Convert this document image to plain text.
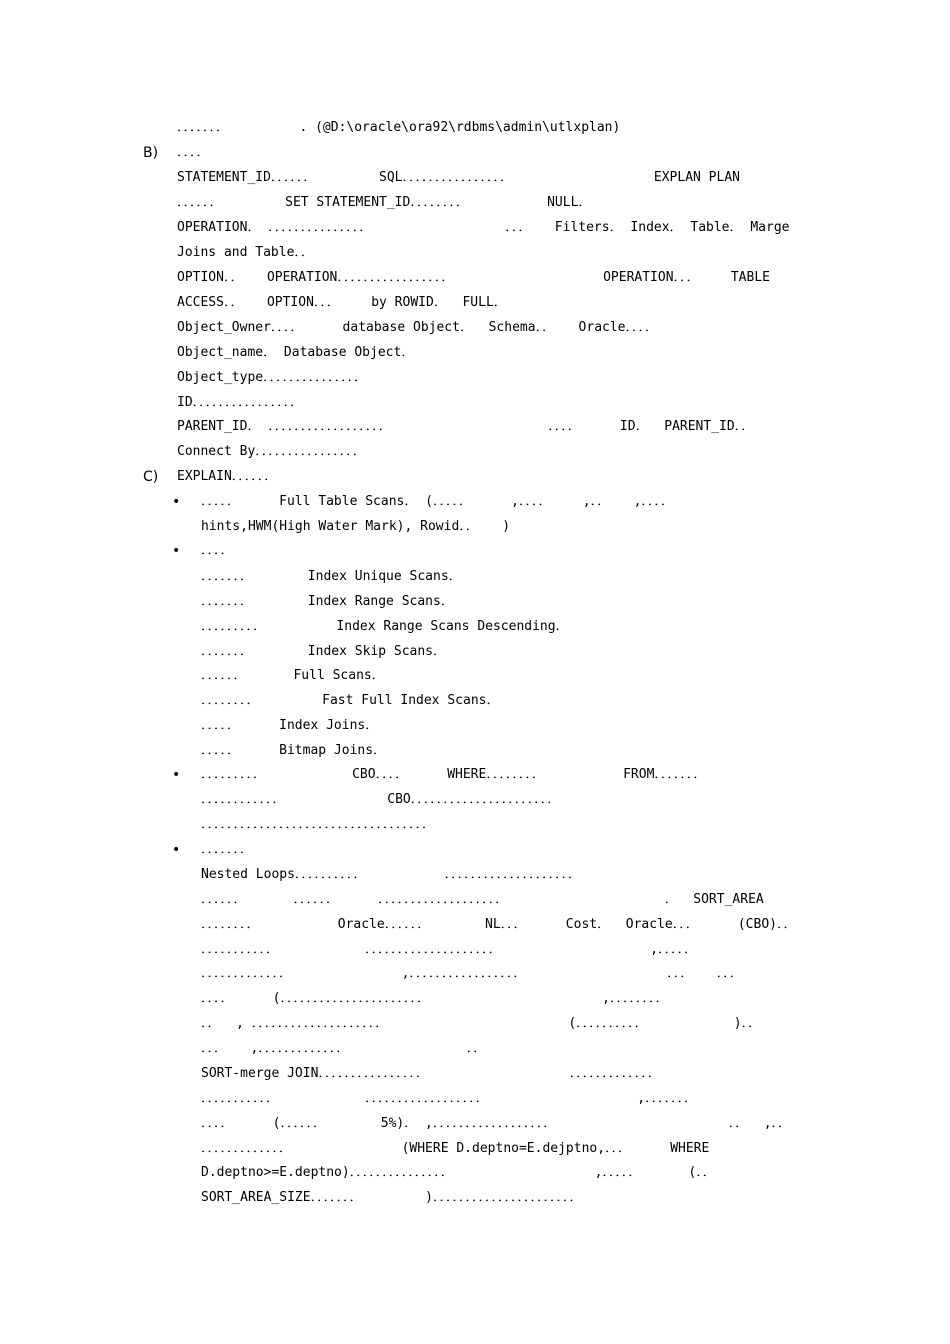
．．．．．．．         . (@D:\oracle\ora92\rdbms\admin\utlxplan)
B) ．．．．
STATEMENT_ID．．．．．．        SQL．．．．．．．．．．．．．．．．                  EXPLAN PLAN
．．．．．．        SET STATEMENT_ID．．．．．．．．          NULL．
OPERATION． ．．．．．．．．．．．．．．．                 ．．．   Filters． Index． Table． Marge
Joins and Table．．
OPTION．．   OPERATION．．．．．．．．．．．．．．．．．                   OPERATION．．．    TABLE
ACCESS．．   OPTION．．．    by ROWID．  FULL．
Object_Owner．．．．     database Object．  Schema．．   Oracle．．．．
Object_name． Database Object．
Object_type．．．．．．．．．．．．．．．
ID．．．．．．．．．．．．．．．．
PARENT_ID． ．．．．．．．．．．．．．．．．．．                    ．．．．     ID．  PARENT_ID．．
Connect By．．．．．．．．．．．．．．．．
C) EXPLAIN．．．．．．
• ．．．．．     Full Table Scans． (．．．．．     ,．．．．    ,．．   ,．．．．
hints,HWM(High Water Mark), Rowid．．   )
• ．．．．
．．．．．．．       Index Unique Scans．
．．．．．．．       Index Range Scans．
．．．．．．．．．         Index Range Scans Descending．
．．．．．．．       Index Skip Scans．
．．．．．．      Full Scans．
．．．．．．．．        Fast Full Index Scans．
．．．．．     Index Joins．
．．．．．     Bitmap Joins．
• ．．．．．．．．．           CBO．．．．     WHERE．．．．．．．．          FROM．．．．．．．
．．．．．．．．．．．．             CBO．．．．．．．．．．．．．．．．．．．．．．
．．．．．．．．．．．．．．．．．．．．．．．．．．．．．．．．．．．
• ．．．．．．．
Nested Loops．．．．．．．．．．          ．．．．．．．．．．．．．．．．．．．．
．．．．．．      ．．．．．．     ．．．．．．．．．．．．．．．．．．．                    ．  SORT_AREA
．．．．．．．．          Oracle．．．．．．       NL．．．     Cost．  Oracle．．．     (CBO)．．
．．．．．．．．．．．           ．．．．．．．．．．．．．．．．．．．．                   ,．．．．．
．．．．．．．．．．．．．              ,．．．．．．．．．．．．．．．．．                  ．．．   ．．．
．．．．     (．．．．．．．．．．．．．．．．．．．．．．                      ,．．．．．．．．
．．  , ．．．．．．．．．．．．．．．．．．．．                       (．．．．．．．．．．           )．．
．．．   ,．．．．．．．．．．．．．               ．．
SORT-merge JOIN．．．．．．．．．．．．．．．．                  ．．．．．．．．．．．．．
．．．．．．．．．．．           ．．．．．．．．．．．．．．．．．．                   ,．．．．．．．
．．．．     (．．．．．．       5%)． ,．．．．．．．．．．．．．．．．．．                      ．．  ,．．
．．．．．．．．．．．．．              (WHERE D.deptno=E.dejptno,．．．     WHERE
D.deptno>=E.deptno)．．．．．．．．．．．．．．．                  ,．．．．．      (．．
SORT_AREA_SIZE．．．．．．．        )．．．．．．．．．．．．．．．．．．．．．．
